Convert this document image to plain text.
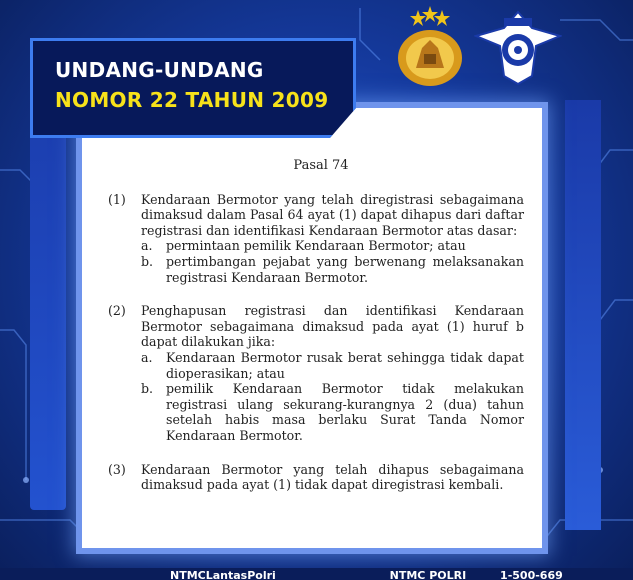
UNDANG-UNDANG
NOMOR 22 TAHUN 2009
Pasal 74
(1)	Kendaraan Bermotor yang telah diregistrasi sebagaimana dimaksud dalam Pasal 64 ayat (1) dapat dihapus dari daftar registrasi dan identifikasi Kendaraan Bermotor atas dasar:
a.	permintaan pemilik Kendaraan Bermotor; atau
b.	pertimbangan pejabat yang berwenang melaksanakan registrasi Kendaraan Bermotor.
(2)	Penghapusan registrasi dan identifikasi Kendaraan Bermotor sebagaimana dimaksud pada ayat (1) huruf b dapat dilakukan jika:
a.	Kendaraan Bermotor rusak berat sehingga tidak dapat dioperasikan; atau
b.	pemilik Kendaraan Bermotor tidak melakukan registrasi ulang sekurang-kurangnya 2 (dua) tahun setelah habis masa berlaku Surat Tanda Nomor Kendaraan Bermotor.
(3)	Kendaraan Bermotor yang telah dihapus sebagaimana dimaksud pada ayat (1) tidak dapat diregistrasi kembali.
NTMCLantasPolri	NTMC POLRI	1-500-669
